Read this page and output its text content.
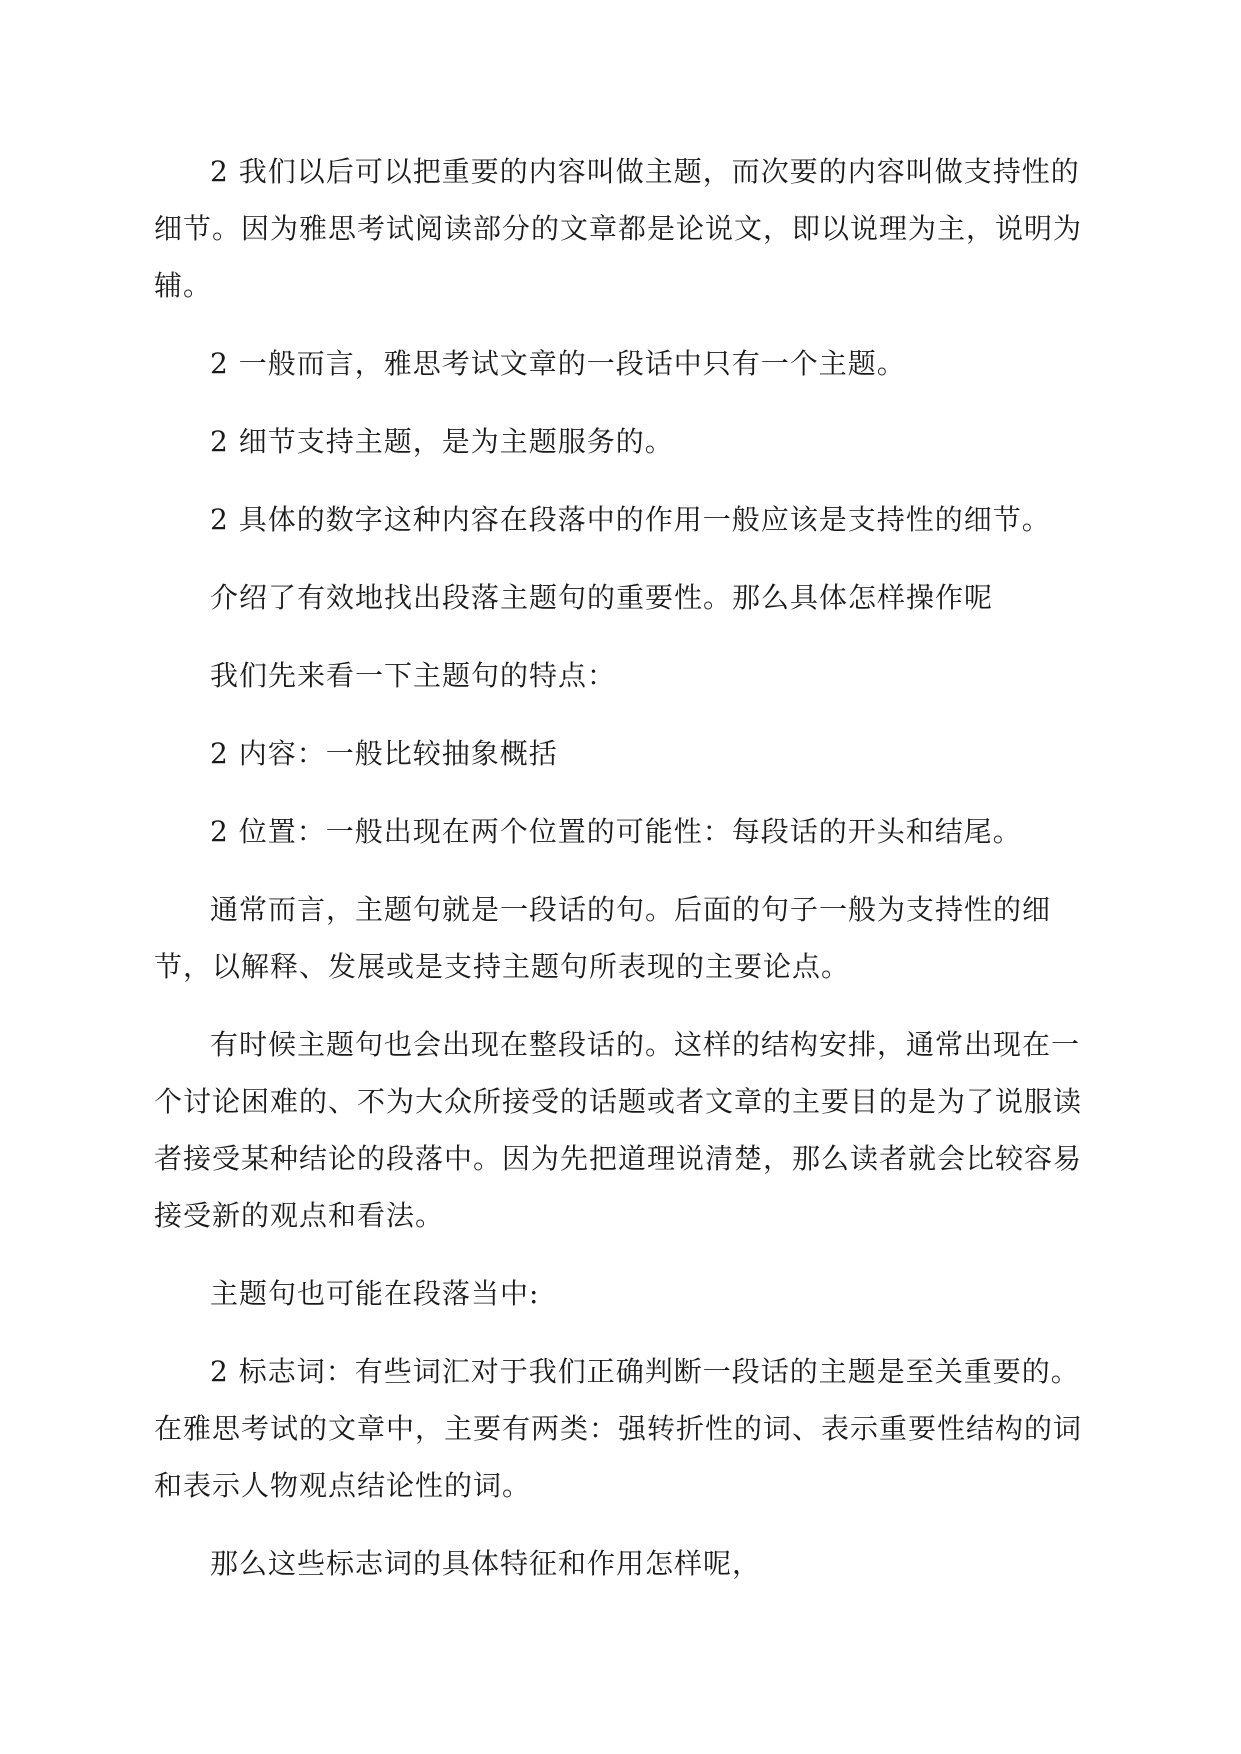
2 我们以后可以把重要的内容叫做主题，而次要的内容叫做支持性的细节。因为雅思考试阅读部分的文章都是论说文，即以说理为主，说明为辅。

2 一般而言，雅思考试文章的一段话中只有一个主题。

2 细节支持主题，是为主题服务的。

2 具体的数字这种内容在段落中的作用一般应该是支持性的细节。

介绍了有效地找出段落主题句的重要性。那么具体怎样操作呢

我们先来看一下主题句的特点：

2 内容：一般比较抽象概括

2 位置：一般出现在两个位置的可能性：每段话的开头和结尾。

通常而言，主题句就是一段话的句。后面的句子一般为支持性的细节，以解释、发展或是支持主题句所表现的主要论点。

有时候主题句也会出现在整段话的。这样的结构安排，通常出现在一个讨论困难的、不为大众所接受的话题或者文章的主要目的是为了说服读者接受某种结论的段落中。因为先把道理说清楚，那么读者就会比较容易接受新的观点和看法。

主题句也可能在段落当中:

2 标志词：有些词汇对于我们正确判断一段话的主题是至关重要的。在雅思考试的文章中，主要有两类：强转折性的词、表示重要性结构的词和表示人物观点结论性的词。

那么这些标志词的具体特征和作用怎样呢，
